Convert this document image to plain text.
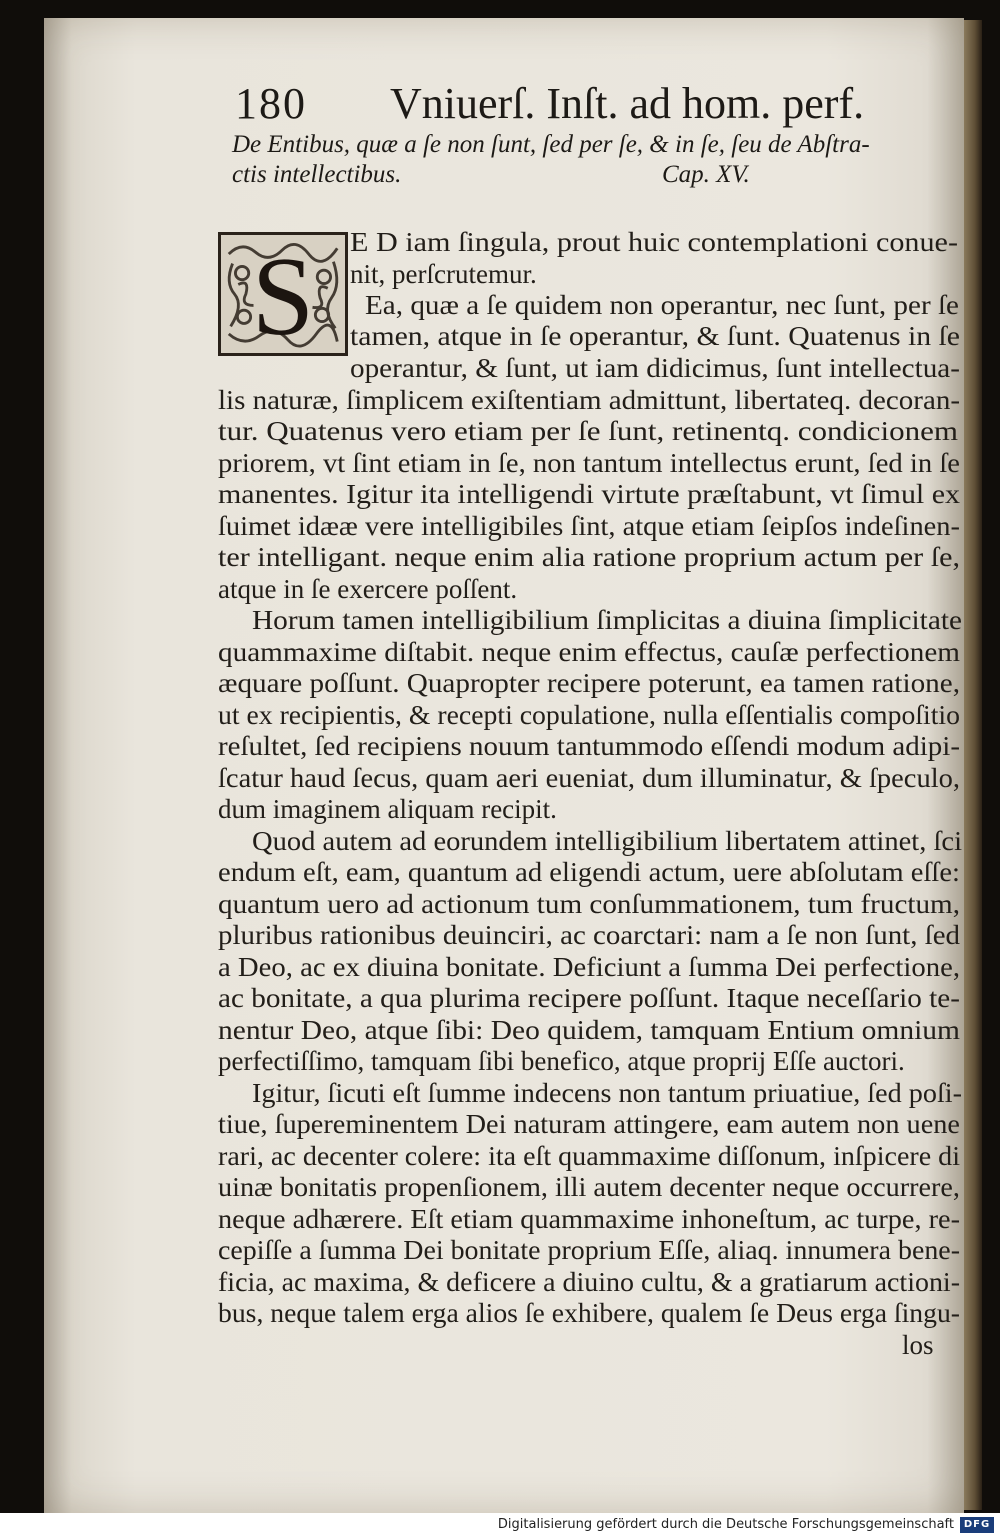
180 Vniuerſ. Inſt. ad hom. perf.
De Entibus, quæ a ſe non ſunt, ſed per ſe, & in ſe, ſeu de Abſtra-
ctis intellectibus.	Cap. XV.
S E D iam ſingula, prout huic contemplationi conue-
nit, perſcrutemur.
Ea, quæ a ſe quidem non operantur, nec ſunt, per ſe
tamen, atque in ſe operantur, & ſunt. Quatenus in ſe
operantur, & ſunt, ut iam didicimus, ſunt intellectua-
lis naturæ, ſimplicem exiſtentiam admittunt, libertateq. decoran-
tur. Quatenus vero etiam per ſe ſunt, retinentq. condicionem
priorem, vt ſint etiam in ſe, non tantum intellectus erunt, ſed in ſe
manentes. Igitur ita intelligendi virtute præſtabunt, vt ſimul ex
ſuimet idææ vere intelligibiles ſint, atque etiam ſeipſos indeſinen-
ter intelligant. neque enim alia ratione proprium actum per ſe,
atque in ſe exercere poſſent.
Horum tamen intelligibilium ſimplicitas a diuina ſimplicitate
quammaxime diſtabit. neque enim effectus, cauſæ perfectionem
æquare poſſunt. Quapropter recipere poterunt, ea tamen ratione,
ut ex recipientis, & recepti copulatione, nulla eſſentialis compoſitio
reſultet, ſed recipiens nouum tantummodo eſſendi modum adipi-
ſcatur haud ſecus, quam aeri eueniat, dum illuminatur, & ſpeculo,
dum imaginem aliquam recipit.
Quod autem ad eorundem intelligibilium libertatem attinet, ſci
endum eſt, eam, quantum ad eligendi actum, uere abſolutam eſſe:
quantum uero ad actionum tum conſummationem, tum fructum,
pluribus rationibus deuinciri, ac coarctari: nam a ſe non ſunt, ſed
a Deo, ac ex diuina bonitate. Deficiunt a ſumma Dei perfectione,
ac bonitate, a qua plurima recipere poſſunt. Itaque neceſſario te-
nentur Deo, atque ſibi: Deo quidem, tamquam Entium omnium
perfectiſſimo, tamquam ſibi benefico, atque proprij Eſſe auctori.
Igitur, ſicuti eſt ſumme indecens non tantum priuatiue, ſed poſi-
tiue, ſupereminentem Dei naturam attingere, eam autem non uene
rari, ac decenter colere: ita eſt quammaxime diſſonum, inſpicere di
uinæ bonitatis propenſionem, illi autem decenter neque occurrere,
neque adhærere. Eſt etiam quammaxime inhoneſtum, ac turpe, re-
cepiſſe a ſumma Dei bonitate proprium Eſſe, aliaq. innumera bene-
ficia, ac maxima, & deficere a diuino cultu, & a gratiarum actioni-
bus, neque talem erga alios ſe exhibere, qualem ſe Deus erga ſingu-
los
Digitalisierung gefördert durch die Deutsche Forschungsgemeinschaft DFG
